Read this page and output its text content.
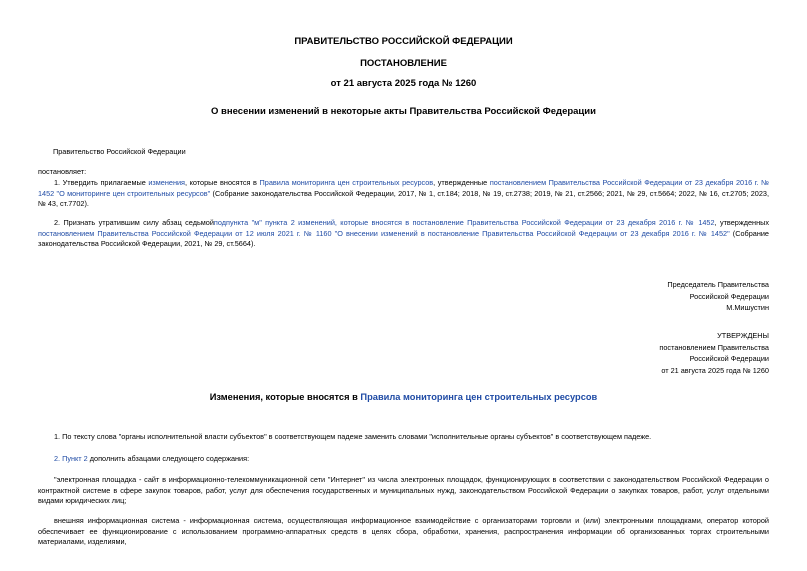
ПРАВИТЕЛЬСТВО РОССИЙСКОЙ ФЕДЕРАЦИИ
ПОСТАНОВЛЕНИЕ
от 21 августа 2025 года № 1260
О внесении изменений в некоторые акты Правительства Российской Федерации
Правительство Российской Федерации
постановляет:
1. Утвердить прилагаемые изменения, которые вносятся в Правила мониторинга цен строительных ресурсов, утвержденные постановлением Правительства Российской Федерации от 23 декабря 2016 г. № 1452 "О мониторинге цен строительных ресурсов" (Собрание законодательства Российской Федерации, 2017, № 1, ст.184; 2018, № 19, ст.2738; 2019, № 21, ст.2566; 2021, № 29, ст.5664; 2022, № 16, ст.2705; 2023, № 43, ст.7702).
2. Признать утратившим силу абзац седьмойподпункта "м" пункта 2 изменений, которые вносятся в постановление Правительства Российской Федерации от 23 декабря 2016 г. № 1452, утвержденных постановлением Правительства Российской Федерации от 12 июля 2021 г. № 1160 "О внесении изменений в постановление Правительства Российской Федерации от 23 декабря 2016 г. № 1452" (Собрание законодательства Российской Федерации, 2021, № 29, ст.5664).
Председатель Правительства
Российской Федерации
М.Мишустин
УТВЕРЖДЕНЫ
постановлением Правительства
Российской Федерации
от 21 августа 2025 года № 1260
Изменения, которые вносятся в Правила мониторинга цен строительных ресурсов
1. По тексту слова "органы исполнительной власти субъектов" в соответствующем падеже заменить словами "исполнительные органы субъектов" в соответствующем падеже.
2. Пункт 2 дополнить абзацами следующего содержания:
"электронная площадка - сайт в информационно-телекоммуникационной сети "Интернет" из числа электронных площадок, функционирующих в соответствии с законодательством Российской Федерации о контрактной системе в сфере закупок товаров, работ, услуг для обеспечения государственных и муниципальных нужд, законодательством Российской Федерации о закупках товаров, работ, услуг отдельными видами юридических лиц;
внешняя информационная система - информационная система, осуществляющая информационное взаимодействие с организаторами торговли и (или) электронными площадками, оператор которой обеспечивает ее функционирование с использованием программно-аппаратных средств в целях сбора, обработки, хранения, распространения информации об организованных торгах строительными материалами, изделиями,
